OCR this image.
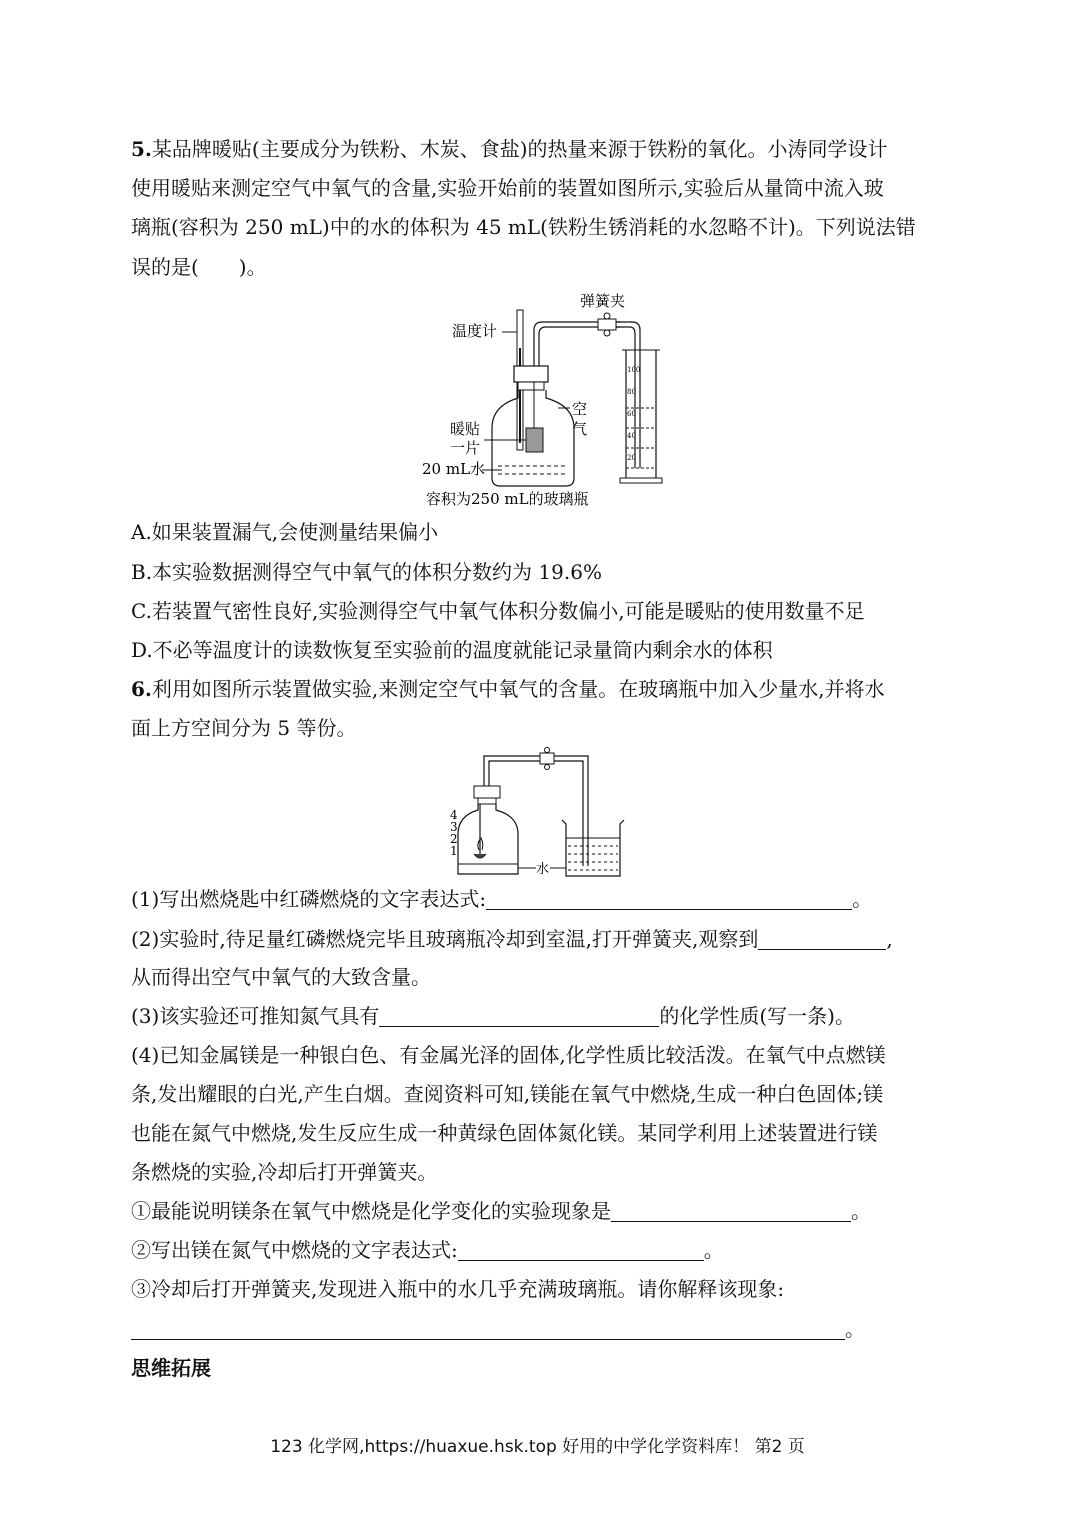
5.某品牌暖贴(主要成分为铁粉、木炭、食盐)的热量来源于铁粉的氧化。小涛同学设计
使用暖贴来测定空气中氧气的含量,实验开始前的装置如图所示,实验后从量筒中流入玻
璃瓶(容积为 250 mL)中的水的体积为 45 mL(铁粉生锈消耗的水忽略不计)。下列说法错
误的是(　　)。
弹簧夹
温度计
空
气
暖贴
一片
20 mL水
100
80
60
40
20
容积为250 mL的玻璃瓶
A.如果装置漏气,会使测量结果偏小
B.本实验数据测得空气中氧气的体积分数约为 19.6%
C.若装置气密性良好,实验测得空气中氧气体积分数偏小,可能是暖贴的使用数量不足
D.不必等温度计的读数恢复至实验前的温度就能记录量筒内剩余水的体积
6.利用如图所示装置做实验,来测定空气中氧气的含量。在玻璃瓶中加入少量水,并将水
面上方空间分为 5 等份。
4
3
2
1
水
(1)写出燃烧匙中红磷燃烧的文字表达式:	。
(2)实验时,待足量红磷燃烧完毕且玻璃瓶冷却到室温,打开弹簧夹,观察到	,
从而得出空气中氧气的大致含量。
(3)该实验还可推知氮气具有	的化学性质(写一条)。
(4)已知金属镁是一种银白色、有金属光泽的固体,化学性质比较活泼。在氧气中点燃镁
条,发出耀眼的白光,产生白烟。查阅资料可知,镁能在氧气中燃烧,生成一种白色固体;镁
也能在氮气中燃烧,发生反应生成一种黄绿色固体氮化镁。某同学利用上述装置进行镁
条燃烧的实验,冷却后打开弹簧夹。
①最能说明镁条在氧气中燃烧是化学变化的实验现象是	。
②写出镁在氮气中燃烧的文字表达式:	。
③冷却后打开弹簧夹,发现进入瓶中的水几乎充满玻璃瓶。请你解释该现象:
。
思维拓展
123 化学网,https://huaxue.hsk.top 好用的中学化学资料库！ 第2 页
